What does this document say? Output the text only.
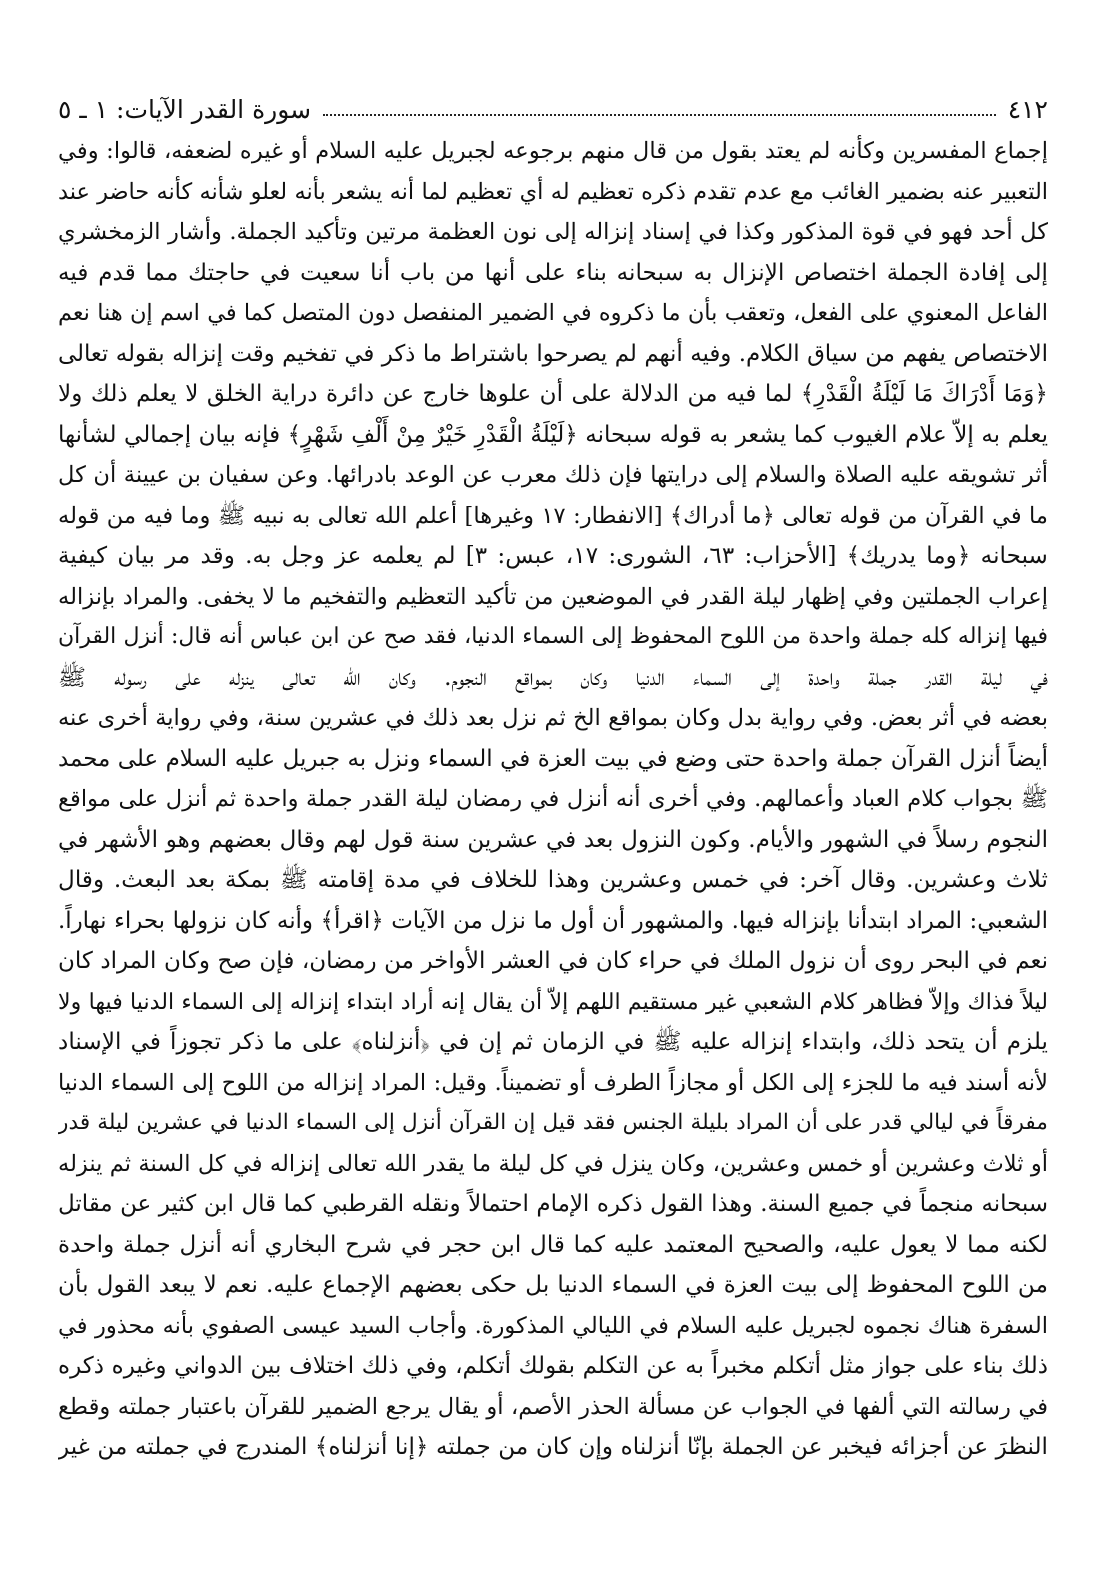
٤١٢
سورة القدر الآيات: ١ ـ ٥
إجماع المفسرين وكأنه لم يعتد بقول من قال منهم برجوعه لجبريل عليه السلام أو غيره لضعفه، قالوا: وفي
التعبير عنه بضمير الغائب مع عدم تقدم ذكره تعظيم له أي تعظيم لما أنه يشعر بأنه لعلو شأنه كأنه حاضر عند
كل أحد فهو في قوة المذكور وكذا في إسناد إنزاله إلى نون العظمة مرتين وتأكيد الجملة. وأشار الزمخشري
إلى إفادة الجملة اختصاص الإنزال به سبحانه بناء على أنها من باب أنا سعيت في حاجتك مما قدم فيه
الفاعل المعنوي على الفعل، وتعقب بأن ما ذكروه في الضمير المنفصل دون المتصل كما في اسم إن هنا نعم
الاختصاص يفهم من سياق الكلام. وفيه أنهم لم يصرحوا باشتراط ما ذكر في تفخيم وقت إنزاله بقوله تعالى
﴿وَمَا أَدْرَاكَ مَا لَيْلَةُ الْقَدْرِ﴾ لما فيه من الدلالة على أن علوها خارج عن دائرة دراية الخلق لا يعلم ذلك ولا
يعلم به إلاّ علام الغيوب كما يشعر به قوله سبحانه ﴿لَيْلَةُ الْقَدْرِ خَيْرٌ مِنْ أَلْفِ شَهْرٍ﴾ فإنه بيان إجمالي لشأنها
أثر تشويقه عليه الصلاة والسلام إلى درايتها فإن ذلك معرب عن الوعد بادرائها. وعن سفيان بن عيينة أن كل
ما في القرآن من قوله تعالى ﴿ما أدراك﴾ [الانفطار: ١٧ وغيرها] أعلم الله تعالى به نبيه ﷺ وما فيه من قوله
سبحانه ﴿وما يدريك﴾ [الأحزاب: ٦٣، الشورى: ١٧، عبس: ٣] لم يعلمه عز وجل به. وقد مر بيان كيفية
إعراب الجملتين وفي إظهار ليلة القدر في الموضعين من تأكيد التعظيم والتفخيم ما لا يخفى. والمراد بإنزاله
فيها إنزاله كله جملة واحدة من اللوح المحفوظ إلى السماء الدنيا، فقد صح عن ابن عباس أنه قال: أنزل القرآن
في ليلة القدر جملة واحدة إلى السماء الدنيا وكان بمواقع النجوم. وكان الله تعالى ينزله على رسوله ﷺ
بعضه في أثر بعض. وفي رواية بدل وكان بمواقع الخ ثم نزل بعد ذلك في عشرين سنة، وفي رواية أخرى عنه
أيضاً أنزل القرآن جملة واحدة حتى وضع في بيت العزة في السماء ونزل به جبريل عليه السلام على محمد
ﷺ بجواب كلام العباد وأعمالهم. وفي أخرى أنه أنزل في رمضان ليلة القدر جملة واحدة ثم أنزل على مواقع
النجوم رسلاً في الشهور والأيام. وكون النزول بعد في عشرين سنة قول لهم وقال بعضهم وهو الأشهر في
ثلاث وعشرين. وقال آخر: في خمس وعشرين وهذا للخلاف في مدة إقامته ﷺ بمكة بعد البعث. وقال
الشعبي: المراد ابتدأنا بإنزاله فيها. والمشهور أن أول ما نزل من الآيات ﴿اقرأ﴾ وأنه كان نزولها بحراء نهاراً.
نعم في البحر روى أن نزول الملك في حراء كان في العشر الأواخر من رمضان، فإن صح وكان المراد كان
ليلاً فذاك وإلاّ فظاهر كلام الشعبي غير مستقيم اللهم إلاّ أن يقال إنه أراد ابتداء إنزاله إلى السماء الدنيا فيها ولا
يلزم أن يتحد ذلك، وابتداء إنزاله عليه ﷺ في الزمان ثم إن في ﴿أنزلناه﴾ على ما ذكر تجوزاً في الإسناد
لأنه أسند فيه ما للجزء إلى الكل أو مجازاً الطرف أو تضميناً. وقيل: المراد إنزاله من اللوح إلى السماء الدنيا
مفرقاً في ليالي قدر على أن المراد بليلة الجنس فقد قيل إن القرآن أنزل إلى السماء الدنيا في عشرين ليلة قدر
أو ثلاث وعشرين أو خمس وعشرين، وكان ينزل في كل ليلة ما يقدر الله تعالى إنزاله في كل السنة ثم ينزله
سبحانه منجماً في جميع السنة. وهذا القول ذكره الإمام احتمالاً ونقله القرطبي كما قال ابن كثير عن مقاتل
لكنه مما لا يعول عليه، والصحيح المعتمد عليه كما قال ابن حجر في شرح البخاري أنه أنزل جملة واحدة
من اللوح المحفوظ إلى بيت العزة في السماء الدنيا بل حكى بعضهم الإجماع عليه. نعم لا يبعد القول بأن
السفرة هناك نجموه لجبريل عليه السلام في الليالي المذكورة. وأجاب السيد عيسى الصفوي بأنه محذور في
ذلك بناء على جواز مثل أتكلم مخبراً به عن التكلم بقولك أتكلم، وفي ذلك اختلاف بين الدواني وغيره ذكره
في رسالته التي ألفها في الجواب عن مسألة الحذر الأصم، أو يقال يرجع الضمير للقرآن باعتبار جملته وقطع
النظرَ عن أجزائه فيخبر عن الجملة بإنّا أنزلناه وإن كان من جملته ﴿إنا أنزلناه﴾ المندرج في جملته من غير
